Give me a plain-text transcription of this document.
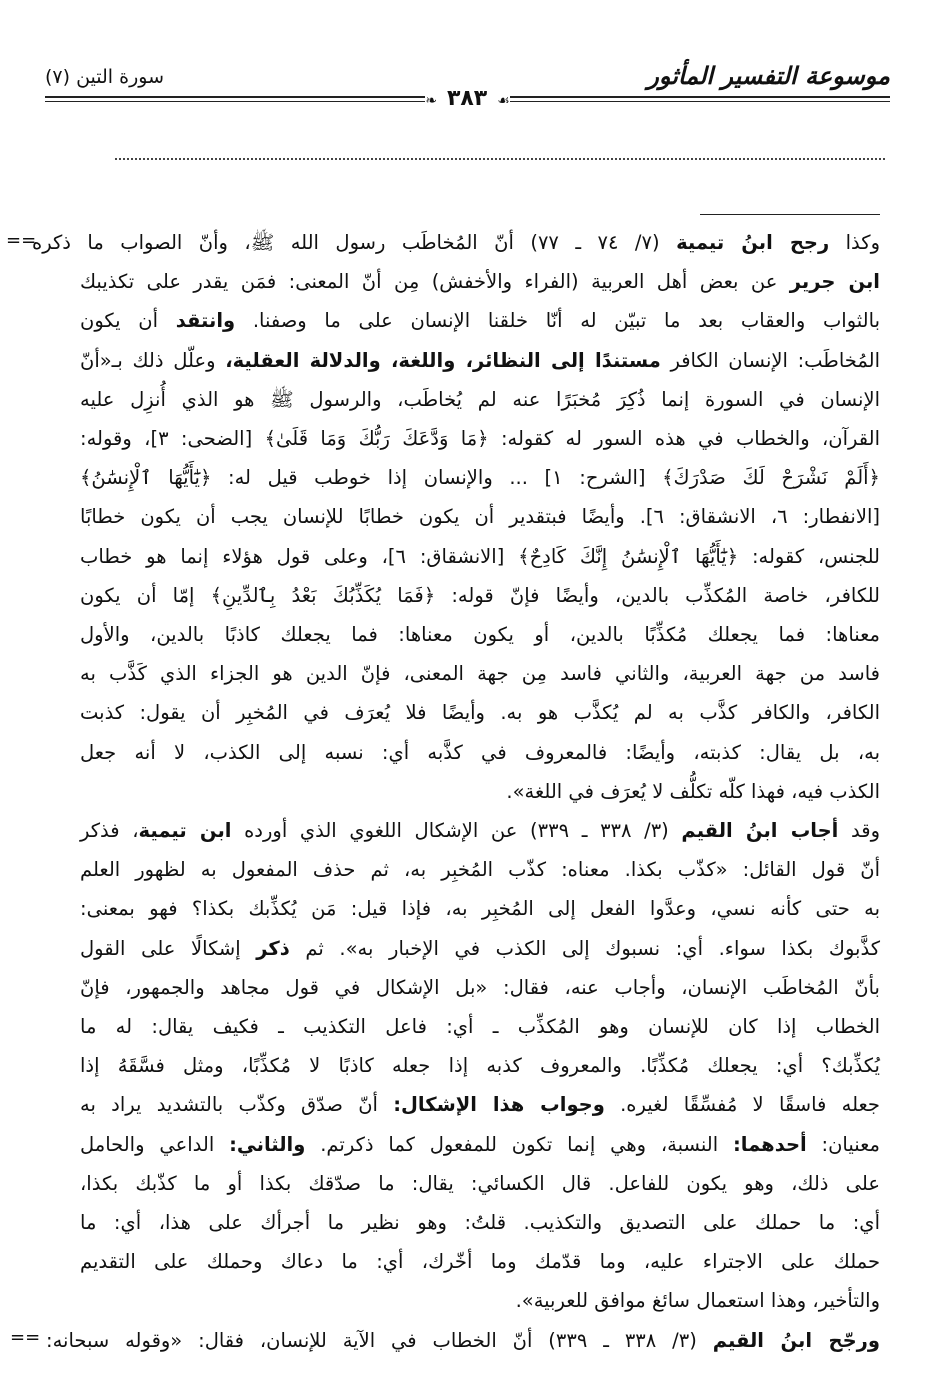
موسوعة التفسير المأثور
سورة التين (٧)
❧ ٣٨٣ ☙
وكذا رجح ابنُ تيمية (٧/ ٧٤ ـ ٧٧) أنّ المُخاطَب رسول الله ﷺ، وأنّ الصواب ما ذكره
ابن جرير عن بعض أهل العربية (الفراء والأخفش) مِن أنّ المعنى: فمَن يقدر على تكذيبك
بالثواب والعقاب بعد ما تبيّن له أنّا خلقنا الإنسان على ما وصفنا. وانتقد أن يكون
المُخاطَب: الإنسان الكافر مستندًا إلى النظائر، واللغة، والدلالة العقلية، وعلّل ذلك بـ«أنّ
الإنسان في السورة إنما ذُكِرَ مُخبَرًا عنه لم يُخاطَب، والرسول ﷺ هو الذي أُنزِل عليه
القرآن، والخطاب في هذه السور له كقوله: ﴿مَا وَدَّعَكَ رَبُّكَ وَمَا قَلَىٰ﴾ [الضحى: ٣]، وقوله:
﴿أَلَمْ نَشْرَحْ لَكَ صَدْرَكَ﴾ [الشرح: ١] ... والإنسان إذا خوطب قيل له: ﴿يَٰٓأَيُّهَا ٱلْإِنسَٰنُ﴾
[الانفطار: ٦، الانشقاق: ٦]. وأيضًا فبتقدير أن يكون خطابًا للإنسان يجب أن يكون خطابًا
للجنس، كقوله: ﴿يَٰٓأَيُّهَا ٱلْإِنسَٰنُ إِنَّكَ كَادِحٌ﴾ [الانشقاق: ٦]، وعلى قول هؤلاء إنما هو خطاب
للكافر، خاصة المُكذِّب بالدين، وأيضًا فإنّ قوله: ﴿فَمَا يُكَذِّبُكَ بَعْدُ بِٱلدِّينِ﴾ إمّا أن يكون
معناها: فما يجعلك مُكذِّبًا بالدين، أو يكون معناها: فما يجعلك كاذبًا بالدين، والأول
فاسد من جهة العربية، والثاني فاسد مِن جهة المعنى، فإنّ الدين هو الجزاء الذي كَذَّب به
الكافر، والكافر كذَّب به لم يُكذَّب هو به. وأيضًا فلا يُعرَف في المُخبِر أن يقول: كذبت
به، بل يقال: كذبته، وأيضًا: فالمعروف في كذَّبه أي: نسبه إلى الكذب، لا أنه جعل
الكذب فيه، فهذا كلّه تكلُّف لا يُعرَف في اللغة».
وقد أجاب ابنُ القيم (٣/ ٣٣٨ ـ ٣٣٩) عن الإشكال اللغوي الذي أورده ابن تيمية، فذكر
أنّ قول القائل: «كذّب بكذا. معناه: كذّب المُخبِر به، ثم حذف المفعول به لظهور العلم
به حتى كأنه نسي، وعدَّوا الفعل إلى المُخبِر به، فإذا قيل: مَن يُكذِّبك بكذا؟ فهو بمعنى:
كذَّبوك بكذا سواء. أي: نسبوك إلى الكذب في الإخبار به». ثم ذكر إشكالًا على القول
بأنّ المُخاطَب الإنسان، وأجاب عنه، فقال: «بل الإشكال في قول مجاهد والجمهور، فإنّ
الخطاب إذا كان للإنسان وهو المُكذِّب ـ أي: فاعل التكذيب ـ فكيف يقال: له ما
يُكذِّبك؟ أي: يجعلك مُكذِّبًا. والمعروف كذبه إذا جعله كاذبًا لا مُكذِّبًا، ومثل فسَّقَهُ إذا
جعله فاسقًا لا مُفسِّقًا لغيره. وجواب هذا الإشكال: أنّ صدّق وكذّب بالتشديد يراد به
معنيان: أحدهما: النسبة، وهي إنما تكون للمفعول كما ذكرتم. والثاني: الداعي والحامل
على ذلك، وهو يكون للفاعل. قال الكسائي: يقال: ما صدّقك بكذا أو ما كذّبك بكذا،
أي: ما حملك على التصديق والتكذيب. قلتُ: وهو نظير ما أجرأك على هذا، أي: ما
حملك على الاجتراء عليه، وما قدّمك وما أخّرك، أي: ما دعاك وحملك على التقديم
والتأخير، وهذا استعمال سائغ موافق للعربية».
ورجّح ابنُ القيم (٣/ ٣٣٨ ـ ٣٣٩) أنّ الخطاب في الآية للإنسان، فقال: «وقوله سبحانه:
==
==
